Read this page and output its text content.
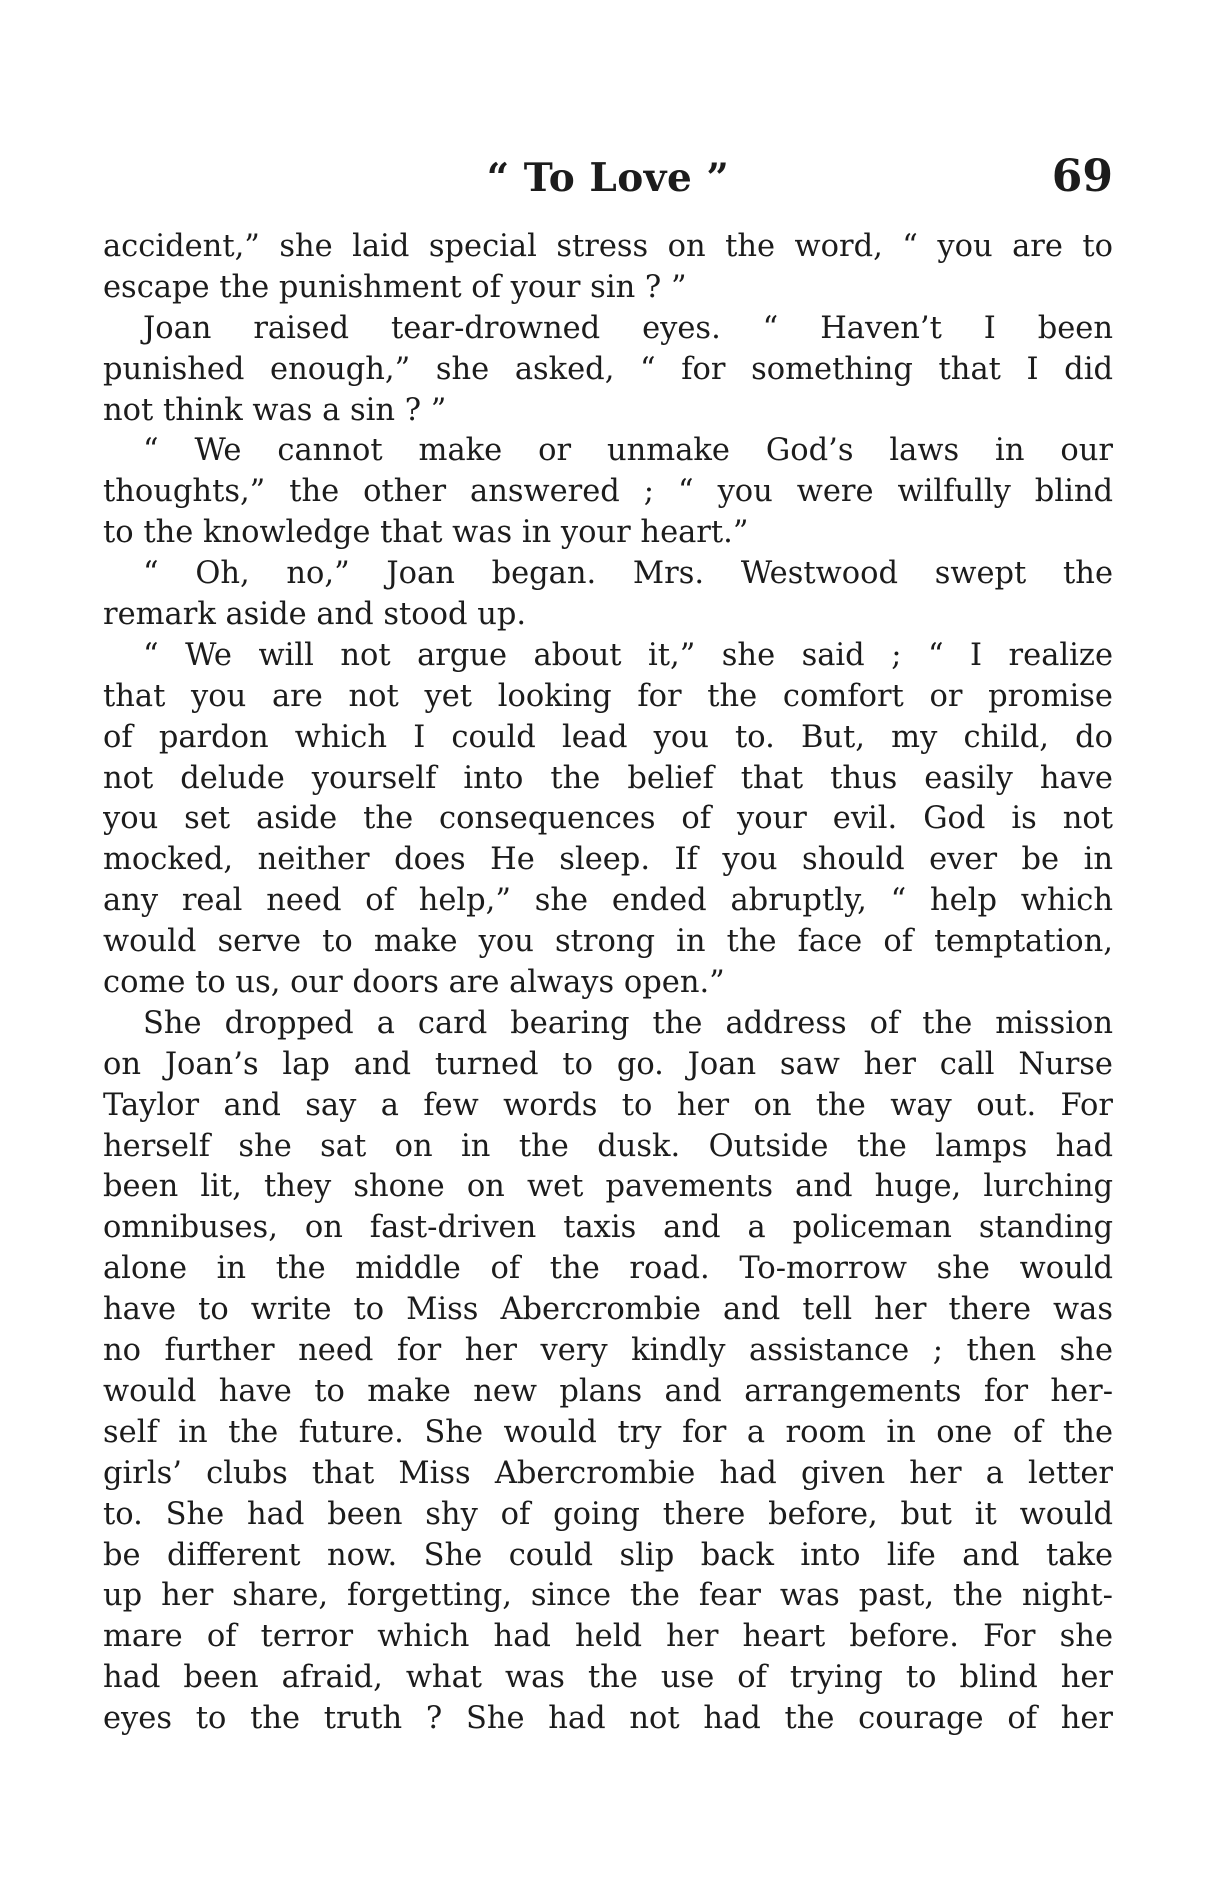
“ To Love ”	69
accident,” she laid special stress on the word, “ you are to
escape the punishment of your sin ? ”
Joan raised tear-drowned eyes. “ Haven’t I been
punished enough,” she asked, “ for something that I did
not think was a sin ? ”
“ We cannot make or unmake God’s laws in our
thoughts,” the other answered ; “ you were wilfully blind
to the knowledge that was in your heart.”
“ Oh, no,” Joan began. Mrs. Westwood swept the
remark aside and stood up.
“ We will not argue about it,” she said ; “ I realize
that you are not yet looking for the comfort or promise
of pardon which I could lead you to. But, my child, do
not delude yourself into the belief that thus easily have
you set aside the consequences of your evil. God is not
mocked, neither does He sleep. If you should ever be in
any real need of help,” she ended abruptly, “ help which
would serve to make you strong in the face of temptation,
come to us, our doors are always open.”
She dropped a card bearing the address of the mission
on Joan’s lap and turned to go. Joan saw her call Nurse
Taylor and say a few words to her on the way out. For
herself she sat on in the dusk. Outside the lamps had
been lit, they shone on wet pavements and huge, lurching
omnibuses, on fast-driven taxis and a policeman standing
alone in the middle of the road. To-morrow she would
have to write to Miss Abercrombie and tell her there was
no further need for her very kindly assistance ; then she
would have to make new plans and arrangements for her-
self in the future. She would try for a room in one of the
girls’ clubs that Miss Abercrombie had given her a letter
to. She had been shy of going there before, but it would
be different now. She could slip back into life and take
up her share, forgetting, since the fear was past, the night-
mare of terror which had held her heart before. For she
had been afraid, what was the use of trying to blind her
eyes to the truth ? She had not had the courage of her
